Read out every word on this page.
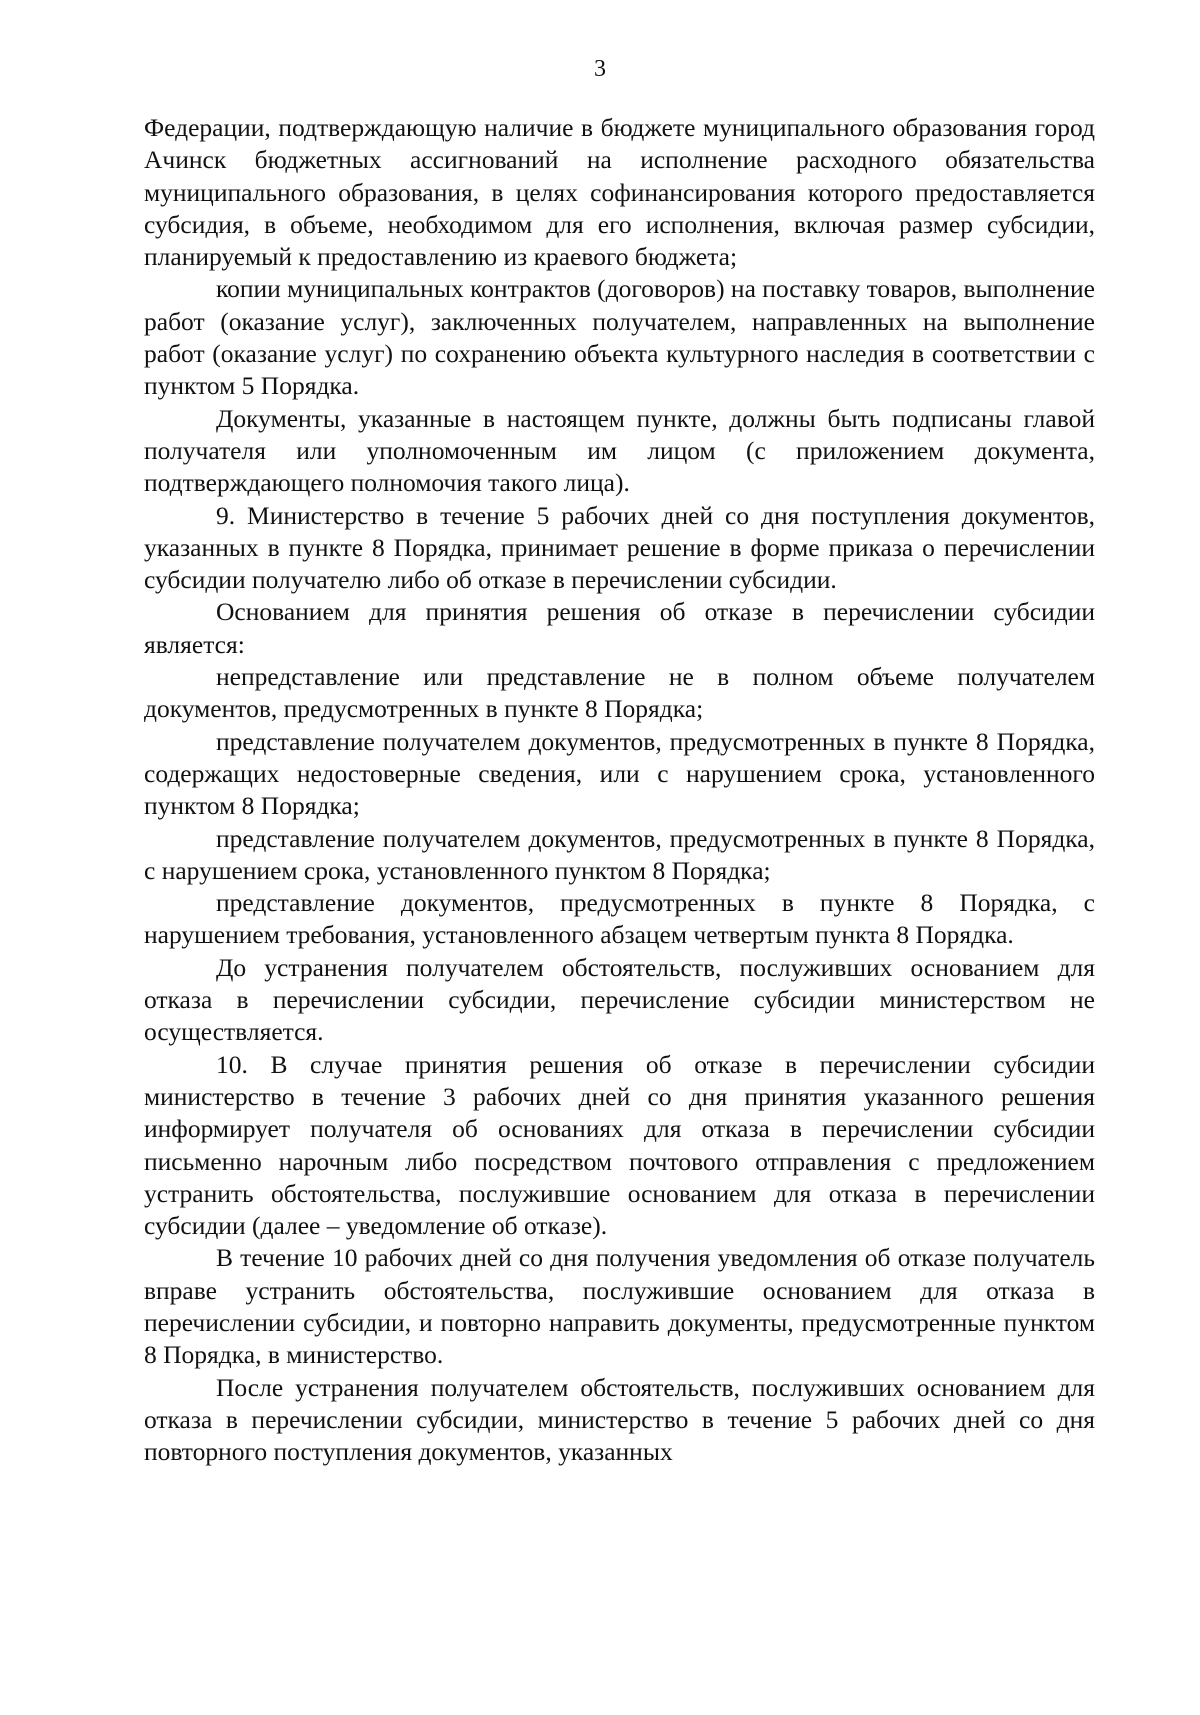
3

Федерации, подтверждающую наличие в бюджете муниципального образования город Ачинск бюджетных ассигнований на исполнение расходного обязательства муниципального образования, в целях софинансирования которого предоставляется субсидия, в объеме, необходимом для его исполнения, включая размер субсидии, планируемый к предоставлению из краевого бюджета;

копии муниципальных контрактов (договоров) на поставку товаров, выполнение работ (оказание услуг), заключенных получателем, направленных на выполнение работ (оказание услуг) по сохранению объекта культурного наследия в соответствии с пунктом 5 Порядка.

Документы, указанные в настоящем пункте, должны быть подписаны главой получателя или уполномоченным им лицом (с приложением документа, подтверждающего полномочия такого лица).

9. Министерство в течение 5 рабочих дней со дня поступления документов, указанных в пункте 8 Порядка, принимает решение в форме приказа о перечислении субсидии получателю либо об отказе в перечислении субсидии.

Основанием для принятия решения об отказе в перечислении субсидии является:

непредставление или представление не в полном объеме получателем документов, предусмотренных в пункте 8 Порядка;

представление получателем документов, предусмотренных в пункте 8 Порядка, содержащих недостоверные сведения, или с нарушением срока, установленного пунктом 8 Порядка;

представление получателем документов, предусмотренных в пункте 8 Порядка, с нарушением срока, установленного пунктом 8 Порядка;

представление документов, предусмотренных в пункте 8 Порядка, с нарушением требования, установленного абзацем четвертым пункта 8 Порядка.

До устранения получателем обстоятельств, послуживших основанием для отказа в перечислении субсидии, перечисление субсидии министерством не осуществляется.

10. В случае принятия решения об отказе в перечислении субсидии министерство в течение 3 рабочих дней со дня принятия указанного решения информирует получателя об основаниях для отказа в перечислении субсидии письменно нарочным либо посредством почтового отправления с предложением устранить обстоятельства, послужившие основанием для отказа в перечислении субсидии (далее – уведомление об отказе).

В течение 10 рабочих дней со дня получения уведомления об отказе получатель вправе устранить обстоятельства, послужившие основанием для отказа в перечислении субсидии, и повторно направить документы, предусмотренные пунктом 8 Порядка, в министерство.

После устранения получателем обстоятельств, послуживших основанием для отказа в перечислении субсидии, министерство в течение 5 рабочих дней со дня повторного поступления документов, указанных
